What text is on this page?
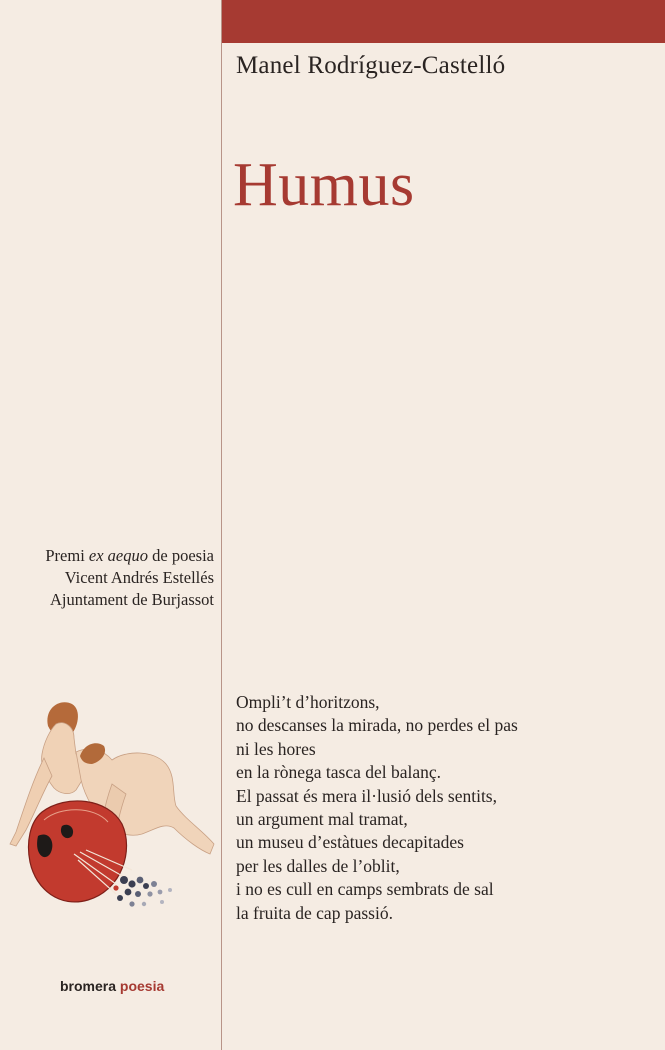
Manel Rodríguez-Castelló
Humus
Premi ex aequo de poesia
Vicent Andrés Estellés
Ajuntament de Burjassot
Ompli’t d’horitzons,
no descanses la mirada, no perdes el pas
ni les hores
en la rònega tasca del balanç.
El passat és mera il·lusió dels sentits,
un argument mal tramat,
un museu d’estàtues decapitades
per les dalles de l’oblit,
i no es cull en camps sembrats de sal
la fruita de cap passió.
bromera poesia
